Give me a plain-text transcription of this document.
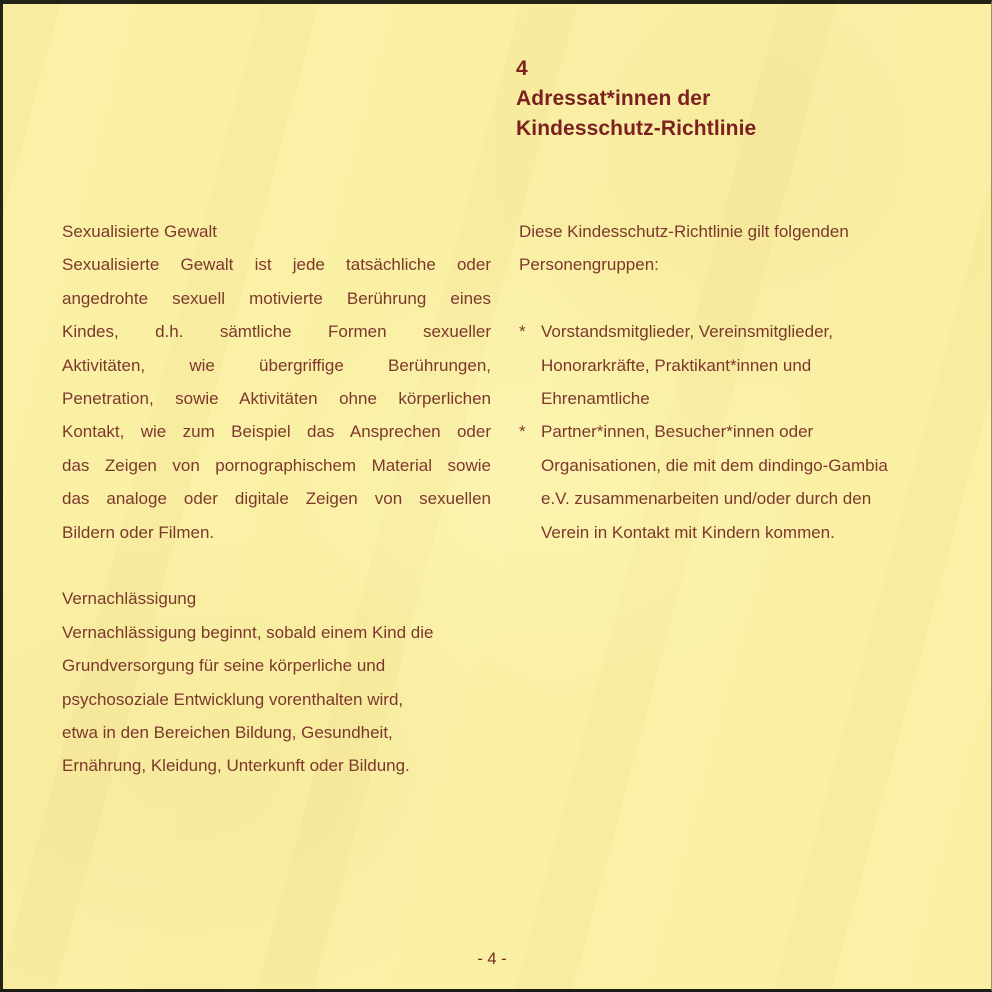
4
Adressat*innen der
Kindesschutz-Richtlinie
Sexualisierte Gewalt
Sexualisierte Gewalt ist jede tatsächliche oder
angedrohte sexuell motivierte Berührung eines
Kindes, d.h. sämtliche Formen sexueller
Aktivitäten, wie übergriffige Berührungen,
Penetration, sowie Aktivitäten ohne körperlichen
Kontakt, wie zum Beispiel das Ansprechen oder
das Zeigen von pornographischem Material sowie
das analoge oder digitale Zeigen von sexuellen
Bildern oder Filmen.
Vernachlässigung
Vernachlässigung beginnt, sobald einem Kind die
Grundversorgung für seine körperliche und
psychosoziale Entwicklung vorenthalten wird,
etwa in den Bereichen Bildung, Gesundheit,
Ernährung, Kleidung, Unterkunft oder Bildung.
Diese Kindesschutz-Richtlinie gilt folgenden
Personengruppen:
* Vorstandsmitglieder, Vereinsmitglieder,
Honorarkräfte, Praktikant*innen und
Ehrenamtliche
* Partner*innen, Besucher*innen oder
Organisationen, die mit dem dindingo-Gambia
e.V. zusammenarbeiten und/oder durch den
Verein in Kontakt mit Kindern kommen.
- 4 -
